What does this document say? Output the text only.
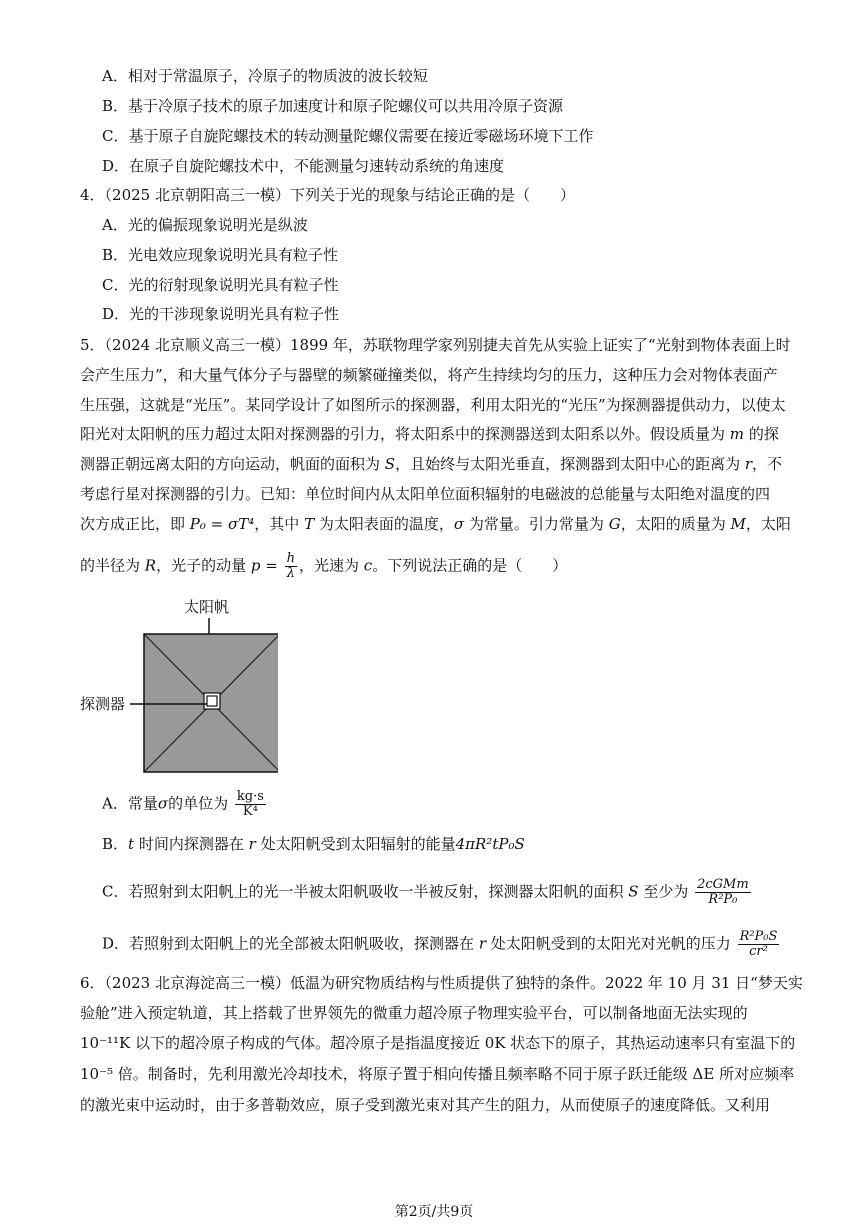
A．相对于常温原子，冷原子的物质波的波长较短
B．基于冷原子技术的原子加速度计和原子陀螺仪可以共用冷原子资源
C．基于原子自旋陀螺技术的转动测量陀螺仪需要在接近零磁场环境下工作
D．在原子自旋陀螺技术中，不能测量匀速转动系统的角速度
4．（2025 北京朝阳高三一模）下列关于光的现象与结论正确的是（　　）
A．光的偏振现象说明光是纵波
B．光电效应现象说明光具有粒子性
C．光的衍射现象说明光具有粒子性
D．光的干涉现象说明光具有粒子性
5．（2024 北京顺义高三一模）1899 年，苏联物理学家列别捷夫首先从实验上证实了“光射到物体表面上时
会产生压力”，和大量气体分子与器壁的频繁碰撞类似，将产生持续均匀的压力，这种压力会对物体表面产
生压强，这就是“光压”。某同学设计了如图所示的探测器，利用太阳光的“光压”为探测器提供动力，以使太
阳光对太阳帆的压力超过太阳对探测器的引力，将太阳系中的探测器送到太阳系以外。假设质量为 m 的探
测器正朝远离太阳的方向运动，帆面的面积为 S，且始终与太阳光垂直，探测器到太阳中心的距离为 r，不
考虑行星对探测器的引力。已知：单位时间内从太阳单位面积辐射的电磁波的总能量与太阳绝对温度的四
次方成正比，即 P₀ = σT⁴，其中 T 为太阳表面的温度，σ 为常量。引力常量为 G，太阳的质量为 M，太阳
的半径为 R，光子的动量 $p = \frac{h}{\lambda}$ ，光速为 c。下列说法正确的是（　　）
太阳帆
探测器
A．常量σ的单位为 $\frac{kg\cdot s}{\text{K⁴}}$
B．t 时间内探测器在 r 处太阳帆受到太阳辐射的能量4πR²tP₀S
C．若照射到太阳帆上的光一半被太阳帆吸收一半被反射，探测器太阳帆的面积 S 至少为 $\frac{\text{2cGMm}}{\text{R²P₀}}$
D．若照射到太阳帆上的光全部被太阳帆吸收，探测器在 r 处太阳帆受到的太阳光对光帆的压力 $\frac{\text{R²P₀S}}{\text{cr²}}$
6．（2023 北京海淀高三一模）低温为研究物质结构与性质提供了独特的条件。2022 年 10 月 31 日“梦天实
验舱”进入预定轨道，其上搭载了世界领先的微重力超冷原子物理实验平台，可以制备地面无法实现的
10⁻¹¹K 以下的超冷原子构成的气体。超冷原子是指温度接近 0K 状态下的原子，其热运动速率只有室温下的
10⁻⁵ 倍。制备时，先利用激光冷却技术，将原子置于相向传播且频率略不同于原子跃迁能级 ΔE 所对应频率
的激光束中运动时，由于多普勒效应，原子受到激光束对其产生的阻力，从而使原子的速度降低。又利用
第2页/共9页
